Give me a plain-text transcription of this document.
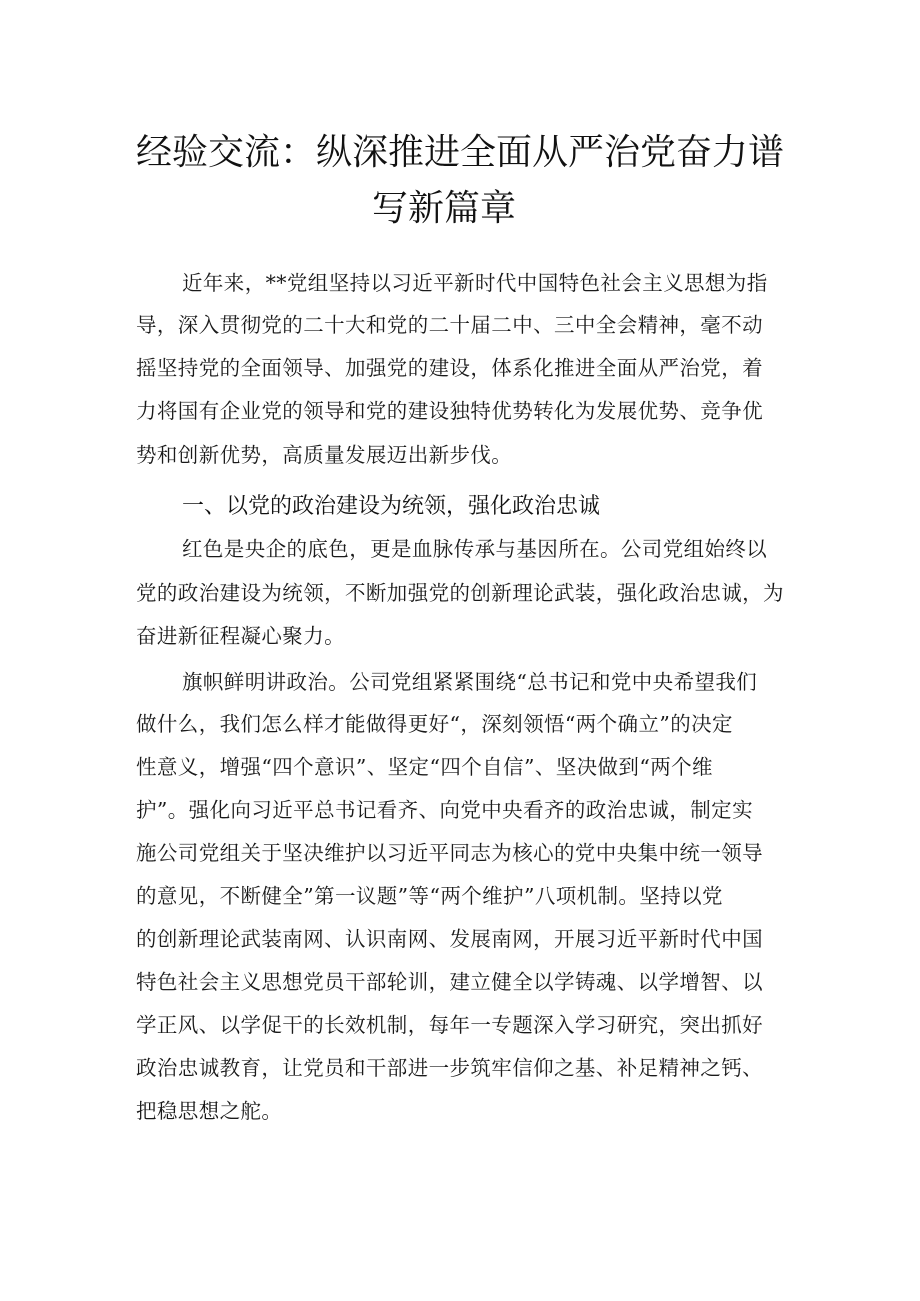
经验交流：纵深推进全面从严治党奋力谱
写新篇章
近年来，**党组坚持以习近平新时代中国特色社会主义思想为指
导，深入贯彻党的二十大和党的二十届二中、三中全会精神，毫不动
摇坚持党的全面领导、加强党的建设，体系化推进全面从严治党，着
力将国有企业党的领导和党的建设独特优势转化为发展优势、竞争优
势和创新优势，高质量发展迈出新步伐。
一、以党的政治建设为统领，强化政治忠诚
红色是央企的底色，更是血脉传承与基因所在。公司党组始终以
党的政治建设为统领，不断加强党的创新理论武装，强化政治忠诚，为
奋进新征程凝心聚力。
旗帜鲜明讲政治。公司党组紧紧围绕“总书记和党中央希望我们
做什么，我们怎么样才能做得更好“，深刻领悟“两个确立”的决定
性意义，增强“四个意识”、坚定“四个自信”、坚决做到“两个维
护”。强化向习近平总书记看齐、向党中央看齐的政治忠诚，制定实
施公司党组关于坚决维护以习近平同志为核心的党中央集中统一领导
的意见，不断健全”第一议题”等“两个维护”八项机制。坚持以党
的创新理论武装南网、认识南网、发展南网，开展习近平新时代中国
特色社会主义思想党员干部轮训，建立健全以学铸魂、以学增智、以
学正风、以学促干的长效机制，每年一专题深入学习研究，突出抓好
政治忠诚教育，让党员和干部进一步筑牢信仰之基、补足精神之钙、
把稳思想之舵。
